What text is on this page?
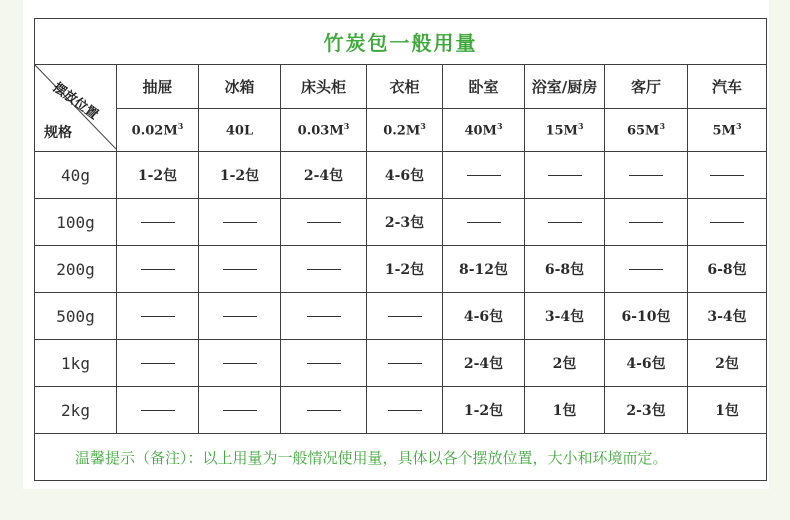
竹炭包一般用量								

摆放位置
规格	抽屉	冰箱	床头柜	衣柜	卧室	浴室/厨房	客厅	汽车
	$0.02M^3$	40L	$0.03M^3$	$0.2M^3$	$40M^3$	$15M^3$	$65M^3$	$5M^3$
40g	1-2包	1-2包	2-4包	4-6包				
100g				2-3包				
200g				1-2包	8-12包	6-8包		6-8包
500g					4-6包	3-4包	6-10包	3-4包
1kg					2-4包	2包	4-6包	2包
2kg					1-2包	1包	2-3包	1包
温馨提示（备注）：以上用量为一般情况使用量，具体以各个摆放位置，大小和环境而定。								
